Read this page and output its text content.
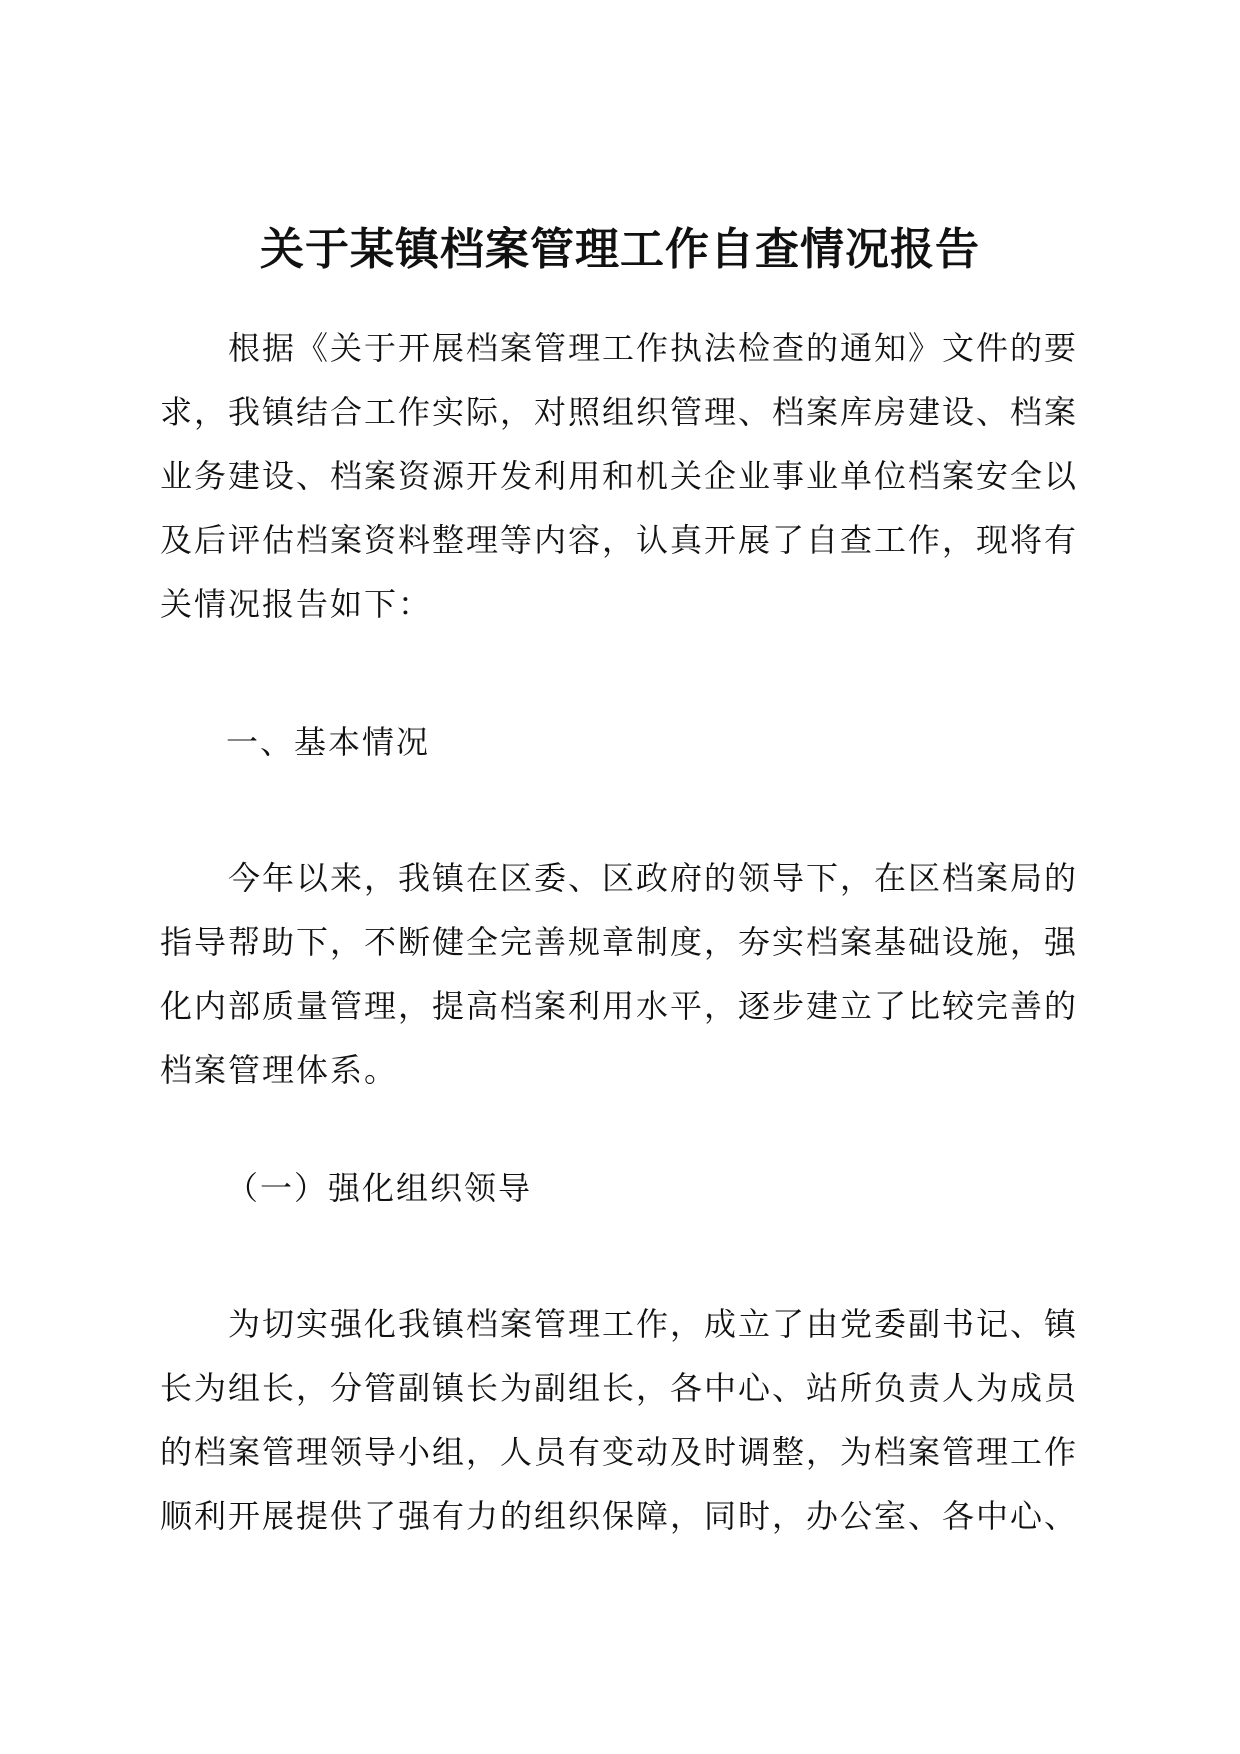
关于某镇档案管理工作自查情况报告

根据《关于开展档案管理工作执法检查的通知》文件的要
求，我镇结合工作实际，对照组织管理、档案库房建设、档案
业务建设、档案资源开发利用和机关企业事业单位档案安全以
及后评估档案资料整理等内容，认真开展了自查工作，现将有
关情况报告如下：

一、基本情况

今年以来，我镇在区委、区政府的领导下，在区档案局的
指导帮助下，不断健全完善规章制度，夯实档案基础设施，强
化内部质量管理，提高档案利用水平，逐步建立了比较完善的
档案管理体系。

（一）强化组织领导

为切实强化我镇档案管理工作，成立了由党委副书记、镇
长为组长，分管副镇长为副组长，各中心、站所负责人为成员
的档案管理领导小组，人员有变动及时调整，为档案管理工作
顺利开展提供了强有力的组织保障，同时，办公室、各中心、
